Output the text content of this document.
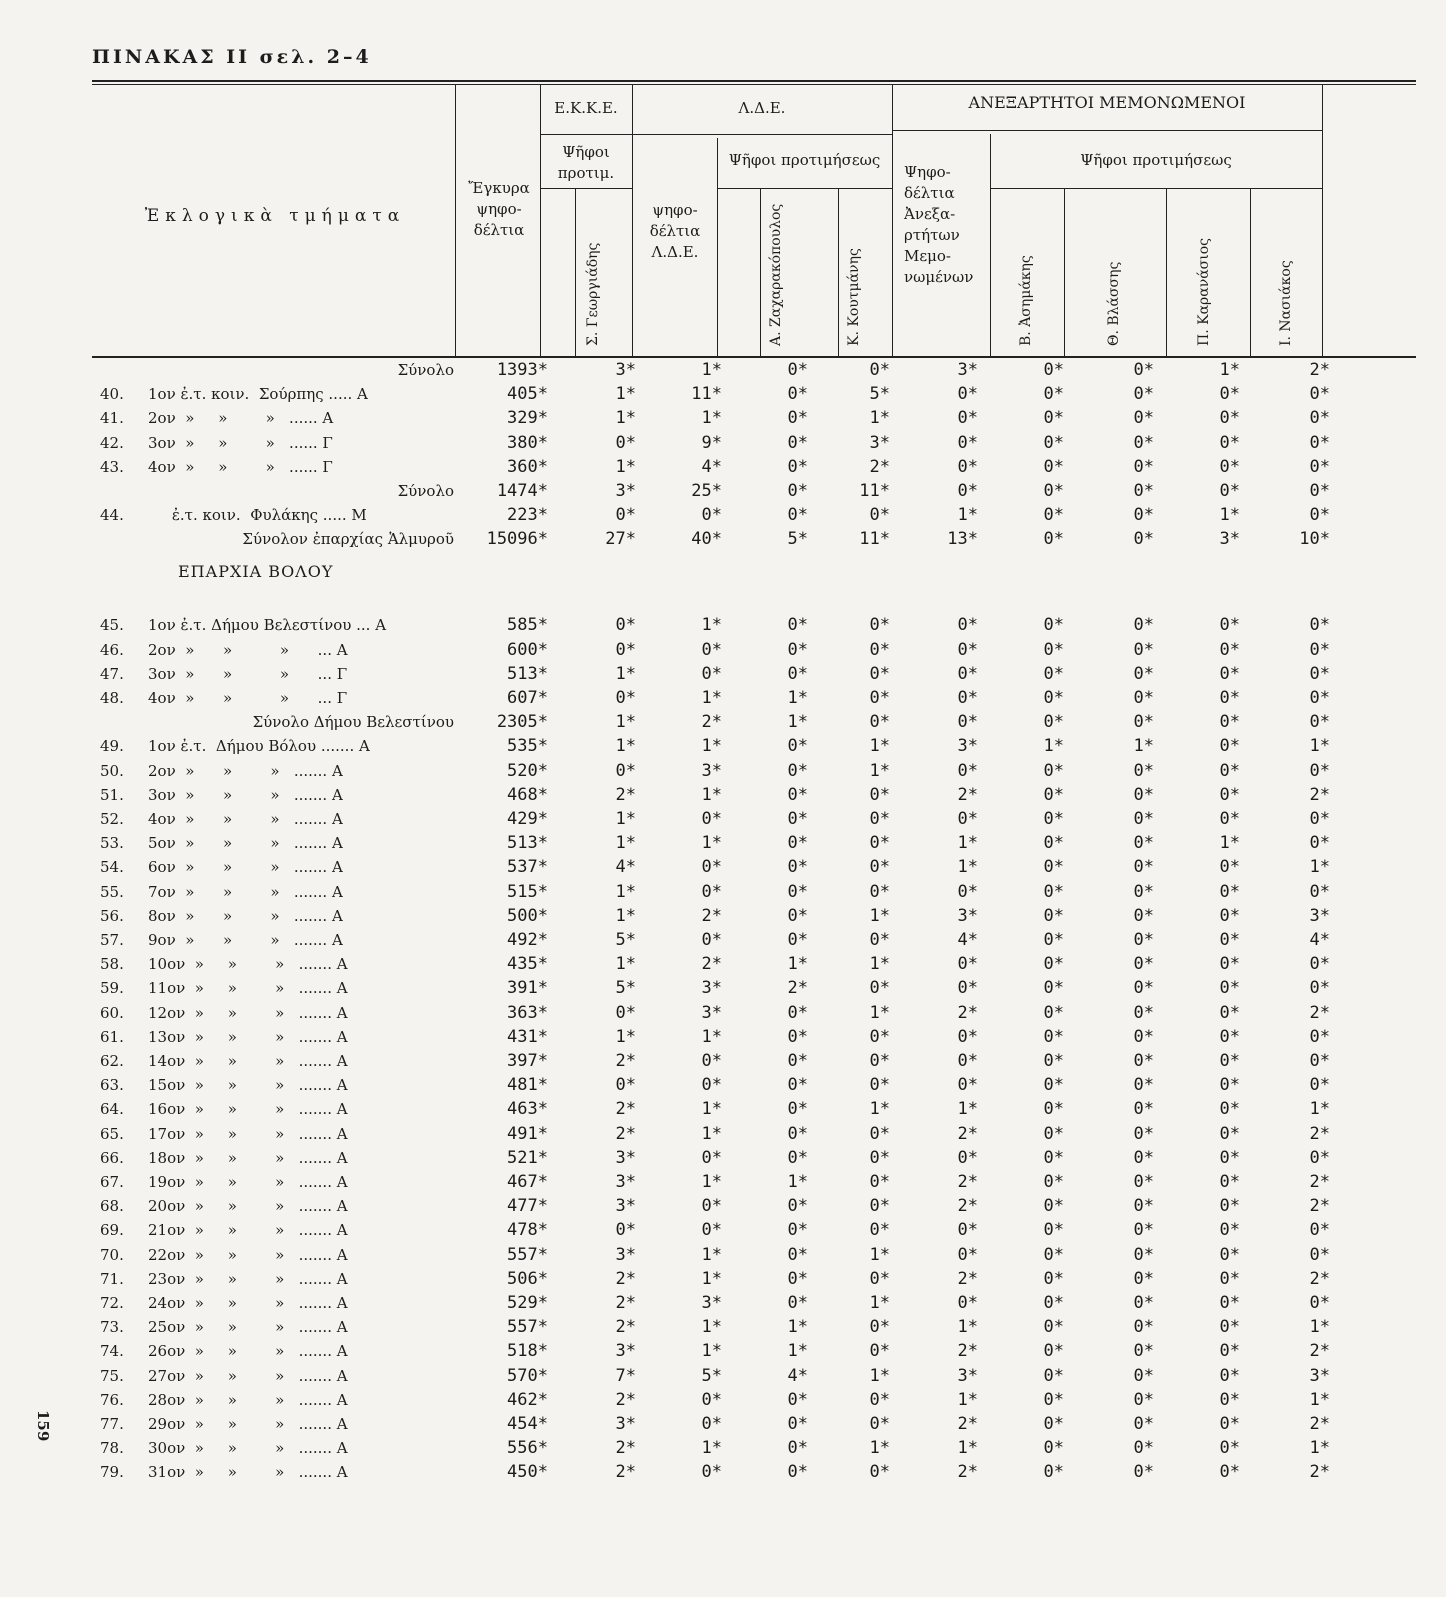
ΠΙΝΑΚΑΣ ΙΙ σελ. 2–4
Ἐκλογικὰ τμήματα
Ἔγκυρα
ψηφο-
δέλτια
Ε.Κ.Κ.Ε.
Ψῆφοι
προτιμ.
Σ. Γεωργιάδης
Λ.Δ.Ε.
ψηφο-
δέλτια
Λ.Δ.Ε.
Ψῆφοι προτιμήσεως
Α. Ζαχαρακόπουλος	Κ. Κουτμάνης
ΑΝΕΞΑΡΤΗΤΟΙ ΜΕΜΟΝΩΜΕΝΟΙ
Ψηφο-
δέλτια
Ἀνεξα-
ρτήτων
Μεμο-
νωμένων
Ψῆφοι προτιμήσεως
Β. Ἀσημάκης	Θ. Βλάσσης	Π. Καρανάσιος	Ι. Νασιάκος
Σύνολο	1393*	3*	1*	0*	0*	3*	0*	0*	1*	2*
40. 1ον ἐ.τ. κοιν.  Σούρπης ..... Α	405*	1*	11*	0*	5*	0*	0*	0*	0*	0*
41. 2ον  »     »        »   ...... Α	329*	1*	1*	0*	1*	0*	0*	0*	0*	0*
42. 3ον  »     »        »   ...... Γ	380*	0*	9*	0*	3*	0*	0*	0*	0*	0*
43. 4ον  »     »        »   ...... Γ	360*	1*	4*	0*	2*	0*	0*	0*	0*	0*
Σύνολο	1474*	3*	25*	0*	11*	0*	0*	0*	0*	0*
44. ἐ.τ. κοιν.  Φυλάκης ..... Μ	223*	0*	0*	0*	0*	1*	0*	0*	1*	0*
Σύνολον ἐπαρχίας Ἁλμυροῦ	15096*	27*	40*	5*	11*	13*	0*	0*	3*	10*
ΕΠΑΡΧΙΑ ΒΟΛΟΥ
45. 1ον ἐ.τ. Δήμου Βελεστίνου ... Α	585*	0*	1*	0*	0*	0*	0*	0*	0*	0*
46. 2ον  »      »          »      ... Α	600*	0*	0*	0*	0*	0*	0*	0*	0*	0*
47. 3ον  »      »          »      ... Γ	513*	1*	0*	0*	0*	0*	0*	0*	0*	0*
48. 4ον  »      »          »      ... Γ	607*	0*	1*	1*	0*	0*	0*	0*	0*	0*
Σύνολο Δήμου Βελεστίνου	2305*	1*	2*	1*	0*	0*	0*	0*	0*	0*
49. 1ον ἐ.τ.  Δήμου Βόλου ....... Α	535*	1*	1*	0*	1*	3*	1*	1*	0*	1*
50. 2ον  »      »        »   ....... Α	520*	0*	3*	0*	1*	0*	0*	0*	0*	0*
51. 3ον  »      »        »   ....... Α	468*	2*	1*	0*	0*	2*	0*	0*	0*	2*
52. 4ον  »      »        »   ....... Α	429*	1*	0*	0*	0*	0*	0*	0*	0*	0*
53. 5ον  »      »        »   ....... Α	513*	1*	1*	0*	0*	1*	0*	0*	1*	0*
54. 6ον  »      »        »   ....... Α	537*	4*	0*	0*	0*	1*	0*	0*	0*	1*
55. 7ον  »      »        »   ....... Α	515*	1*	0*	0*	0*	0*	0*	0*	0*	0*
56. 8ον  »      »        »   ....... Α	500*	1*	2*	0*	1*	3*	0*	0*	0*	3*
57. 9ον  »      »        »   ....... Α	492*	5*	0*	0*	0*	4*	0*	0*	0*	4*
58. 10ον  »     »        »   ....... Α	435*	1*	2*	1*	1*	0*	0*	0*	0*	0*
59. 11ον  »     »        »   ....... Α	391*	5*	3*	2*	0*	0*	0*	0*	0*	0*
60. 12ον  »     »        »   ....... Α	363*	0*	3*	0*	1*	2*	0*	0*	0*	2*
61. 13ον  »     »        »   ....... Α	431*	1*	1*	0*	0*	0*	0*	0*	0*	0*
62. 14ον  »     »        »   ....... Α	397*	2*	0*	0*	0*	0*	0*	0*	0*	0*
63. 15ον  »     »        »   ....... Α	481*	0*	0*	0*	0*	0*	0*	0*	0*	0*
64. 16ον  »     »        »   ....... Α	463*	2*	1*	0*	1*	1*	0*	0*	0*	1*
65. 17ον  »     »        »   ....... Α	491*	2*	1*	0*	0*	2*	0*	0*	0*	2*
66. 18ον  »     »        »   ....... Α	521*	3*	0*	0*	0*	0*	0*	0*	0*	0*
67. 19ον  »     »        »   ....... Α	467*	3*	1*	1*	0*	2*	0*	0*	0*	2*
68. 20ον  »     »        »   ....... Α	477*	3*	0*	0*	0*	2*	0*	0*	0*	2*
69. 21ον  »     »        »   ....... Α	478*	0*	0*	0*	0*	0*	0*	0*	0*	0*
70. 22ον  »     »        »   ....... Α	557*	3*	1*	0*	1*	0*	0*	0*	0*	0*
71. 23ον  »     »        »   ....... Α	506*	2*	1*	0*	0*	2*	0*	0*	0*	2*
72. 24ον  »     »        »   ....... Α	529*	2*	3*	0*	1*	0*	0*	0*	0*	0*
73. 25ον  »     »        »   ....... Α	557*	2*	1*	1*	0*	1*	0*	0*	0*	1*
74. 26ον  »     »        »   ....... Α	518*	3*	1*	1*	0*	2*	0*	0*	0*	2*
75. 27ον  »     »        »   ....... Α	570*	7*	5*	4*	1*	3*	0*	0*	0*	3*
76. 28ον  »     »        »   ....... Α	462*	2*	0*	0*	0*	1*	0*	0*	0*	1*
77. 29ον  »     »        »   ....... Α	454*	3*	0*	0*	0*	2*	0*	0*	0*	2*
78. 30ον  »     »        »   ....... Α	556*	2*	1*	0*	1*	1*	0*	0*	0*	1*
79. 31ον  »     »        »   ....... Α	450*	2*	0*	0*	0*	2*	0*	0*	0*	2*
159
